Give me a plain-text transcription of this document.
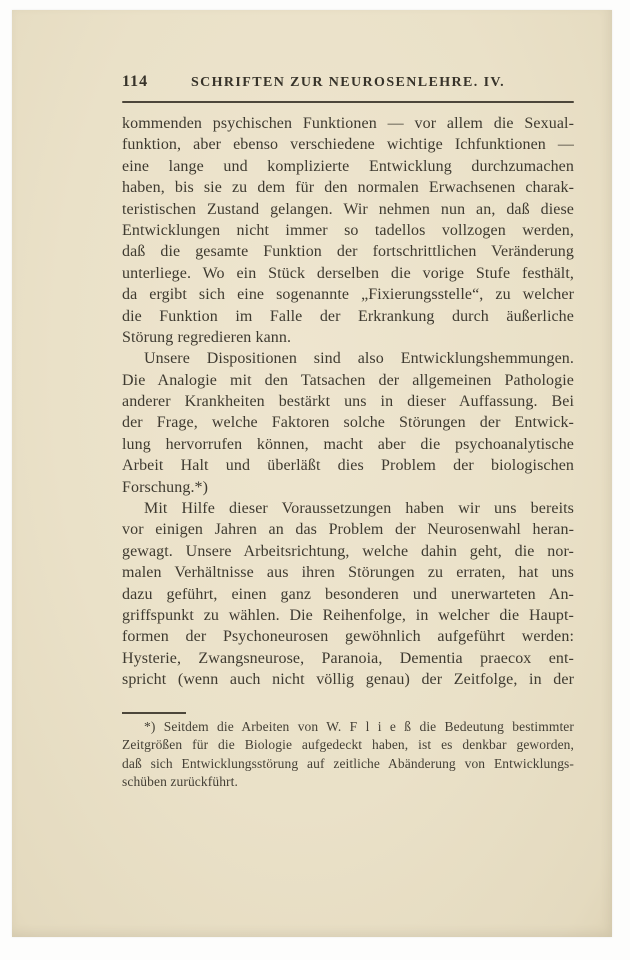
114	SCHRIFTEN ZUR NEUROSENLEHRE. IV.
kommenden psychischen Funktionen — vor allem die Sexual-
funktion, aber ebenso verschiedene wichtige Ichfunktionen —
eine lange und komplizierte Entwicklung durchzumachen
haben, bis sie zu dem für den normalen Erwachsenen charak-
teristischen Zustand gelangen. Wir nehmen nun an, daß diese
Entwicklungen nicht immer so tadellos vollzogen werden,
daß die gesamte Funktion der fortschrittlichen Veränderung
unterliege. Wo ein Stück derselben die vorige Stufe festhält,
da ergibt sich eine sogenannte „Fixierungsstelle“, zu welcher
die Funktion im Falle der Erkrankung durch äußerliche
Störung regredieren kann.
Unsere Dispositionen sind also Entwicklungshemmungen.
Die Analogie mit den Tatsachen der allgemeinen Pathologie
anderer Krankheiten bestärkt uns in dieser Auffassung. Bei
der Frage, welche Faktoren solche Störungen der Entwick-
lung hervorrufen können, macht aber die psychoanalytische
Arbeit Halt und überläßt dies Problem der biologischen
Forschung.*)
Mit Hilfe dieser Voraussetzungen haben wir uns bereits
vor einigen Jahren an das Problem der Neurosenwahl heran-
gewagt. Unsere Arbeitsrichtung, welche dahin geht, die nor-
malen Verhältnisse aus ihren Störungen zu erraten, hat uns
dazu geführt, einen ganz besonderen und unerwarteten An-
griffspunkt zu wählen. Die Reihenfolge, in welcher die Haupt-
formen der Psychoneurosen gewöhnlich aufgeführt werden:
Hysterie, Zwangsneurose, Paranoia, Dementia praecox ent-
spricht (wenn auch nicht völlig genau) der Zeitfolge, in der
*) Seitdem die Arbeiten von W. F l i e ß die Bedeutung bestimmter
Zeitgrößen für die Biologie aufgedeckt haben, ist es denkbar geworden,
daß sich Entwicklungsstörung auf zeitliche Abänderung von Entwicklungs-
schüben zurückführt.
